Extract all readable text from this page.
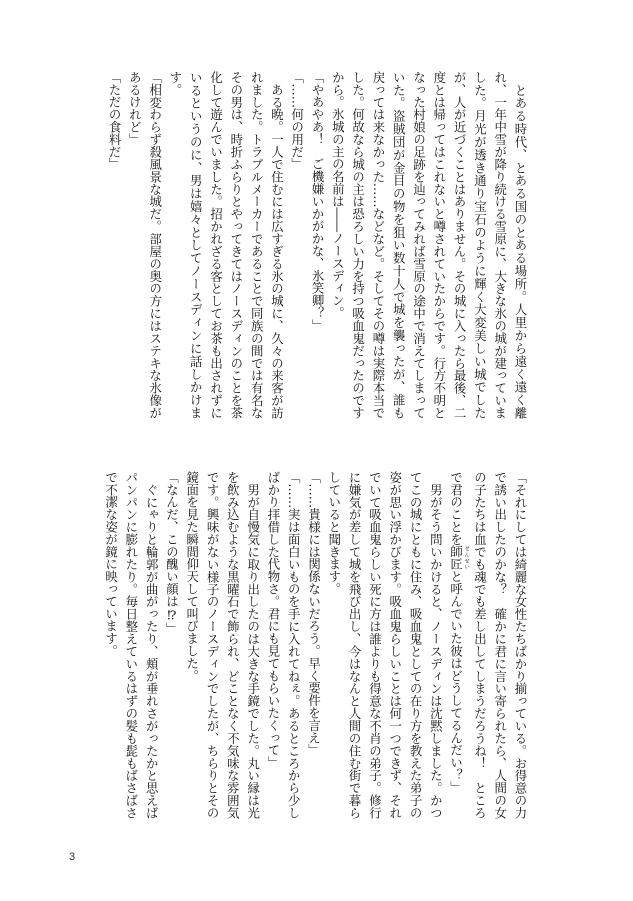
　とある時代、とある国のとある場所。人里から遠く遠く離
れ、一年中雪が降り続ける雪原に、大きな氷の城が建っていま
した。月光が透き通り宝石のように輝く大変美しい城でした
が、人が近づくことはありません。その城に入ったら最後、二
度とは帰ってはこれないと噂されていたからです。行方不明と
なった村娘の足跡を辿ってみれば雪原の途中で消えてしまって
いた。盗賊団が金目の物を狙い数十人で城を襲ったが、誰も
戻っては来なかった……などなど。そしてその噂は実際本当で
した。何故なら城の主は恐ろしい力を持つ吸血鬼だったのです
から。氷城の主の名前は――ノースディン。
「やあやあ！　ご機嫌いかがかな、氷笑卿？」
「……何の用だ」
　ある晩。一人で住むには広すぎる氷の城に、久々の来客が訪
れました。トラブルメーカーであることで同族の間では有名な
その男は、時折ふらりとやってきてはノースディンのことを茶
化して遊んでいました。招かれざる客としてお茶も出されずに
いるというのに、男は嬉々としてノースディンに話しかけま
す。
「相変わらず殺風景な城だ。部屋の奥の方にはステキな氷像が
あるけれど」
「ただの食料だ」
「それにしては綺麗な女性たちばかり揃っている。お得意の力
で誘い出したのかな？　確かに君に言い寄られたら、人間の女
の子たちは血でも魂でも差し出してしまうだろうね！　ところ
で君のことを師匠 せんせいと呼んでいた彼はどうしてるんだい？」
　男がそう問いかけると、ノースディンは沈黙しました。かつ
てこの城にともに住み、吸血鬼としての在り方を教えた弟子の
姿が思い浮かびます。吸血鬼らしいことは何一つできず、それ
でいて吸血鬼らしい死に方は誰よりも得意な不肖の弟子。修行
に嫌気が差して城を飛び出し、今はなんと人間の住む街で暮ら
していると聞きます。
「……貴様には関係ないだろう。早く要件を言え」
「……実は面白いものを手に入れてねぇ。あるところから少し
ばかり拝借した代物さ。君にも見てもらいたくって」
　男が自慢気に取り出したのは大きな手鏡でした。丸い縁は光
を飲み込むような黒曜石で飾られ、どことなく不気味な雰囲気
です。興味がない様子のノースディンでしたが、ちらりとその
鏡面を見た瞬間仰天して叫びました。
「なんだ、この醜い顔は⁉」
　ぐにゃりと輪郭が曲がったり、頬が垂れさがったかと思えば
パンパンに膨れたり。毎日整えているはずの髪も髭もばさばさ
で不潔な姿が鏡に映っています。
3
